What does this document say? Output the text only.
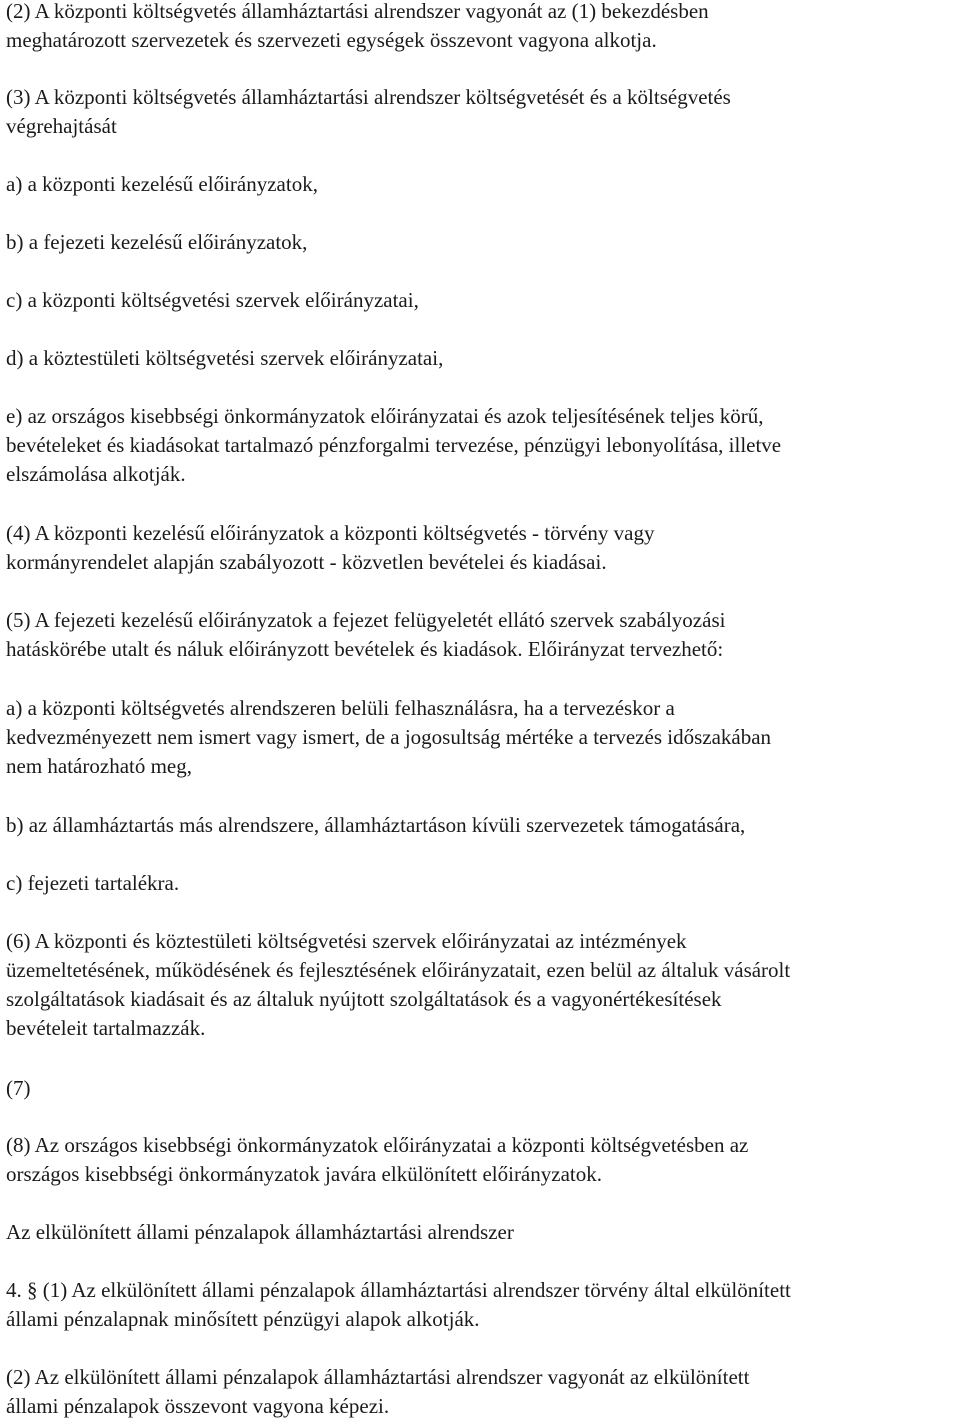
(2) A központi költségvetés államháztartási alrendszer vagyonát az (1) bekezdésben
meghatározott szervezetek és szervezeti egységek összevont vagyona alkotja.
(3) A központi költségvetés államháztartási alrendszer költségvetését és a költségvetés
végrehajtását
a) a központi kezelésű előirányzatok,
b) a fejezeti kezelésű előirányzatok,
c) a központi költségvetési szervek előirányzatai,
d) a köztestületi költségvetési szervek előirányzatai,
e) az országos kisebbségi önkormányzatok előirányzatai és azok teljesítésének teljes körű,
bevételeket és kiadásokat tartalmazó pénzforgalmi tervezése, pénzügyi lebonyolítása, illetve
elszámolása alkotják.
(4) A központi kezelésű előirányzatok a központi költségvetés - törvény vagy
kormányrendelet alapján szabályozott - közvetlen bevételei és kiadásai.
(5) A fejezeti kezelésű előirányzatok a fejezet felügyeletét ellátó szervek szabályozási
hatáskörébe utalt és náluk előirányzott bevételek és kiadások. Előirányzat tervezhető:
a) a központi költségvetés alrendszeren belüli felhasználásra, ha a tervezéskor a
kedvezményezett nem ismert vagy ismert, de a jogosultság mértéke a tervezés időszakában
nem határozható meg,
b) az államháztartás más alrendszere, államháztartáson kívüli szervezetek támogatására,
c) fejezeti tartalékra.
(6) A központi és köztestületi költségvetési szervek előirányzatai az intézmények
üzemeltetésének, működésének és fejlesztésének előirányzatait, ezen belül az általuk vásárolt
szolgáltatások kiadásait és az általuk nyújtott szolgáltatások és a vagyonértékesítések
bevételeit tartalmazzák.
(7)
(8) Az országos kisebbségi önkormányzatok előirányzatai a központi költségvetésben az
országos kisebbségi önkormányzatok javára elkülönített előirányzatok.
Az elkülönített állami pénzalapok államháztartási alrendszer
4. § (1) Az elkülönített állami pénzalapok államháztartási alrendszer törvény által elkülönített
állami pénzalapnak minősített pénzügyi alapok alkotják.
(2) Az elkülönített állami pénzalapok államháztartási alrendszer vagyonát az elkülönített
állami pénzalapok összevont vagyona képezi.
